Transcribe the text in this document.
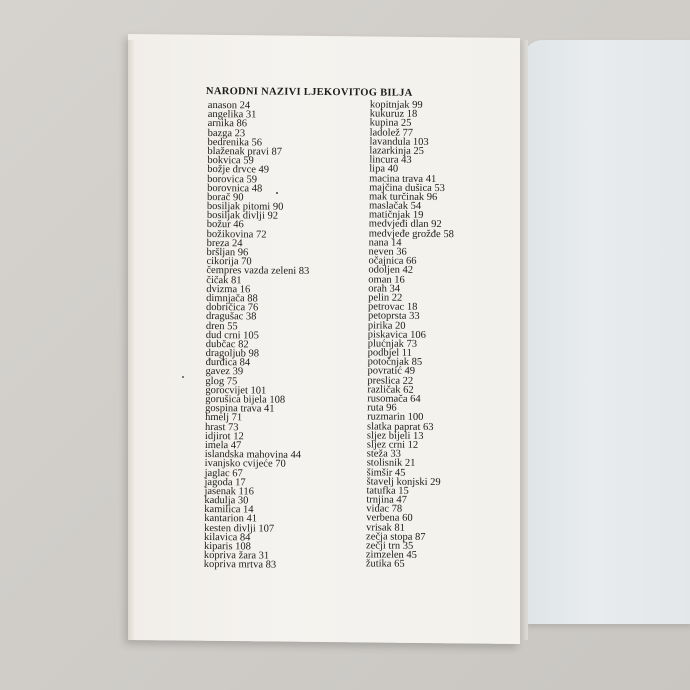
NARODNI NAZIVI LJEKOVITOG BILJA
anason 24
angelika 31
arnika 86
bazga 23
bedrenika 56
blaženak pravi 87
bokvica 59
božje drvce 49
borovica 59
borovnica 48
borač 90
bosiljak pitomi 90
bosiljak divlji 92
božur 46
božikovina 72
breza 24
bršljan 96
cikorija 70
čempres vazda zeleni 83
čičak 81
dvizma 16
dimnjača 88
dobričica 76
dragušac 38
dren 55
dud crni 105
dubčac 82
dragoljub 98
đurđica 84
gavez 39
glog 75
gorocvijet 101
gorušica bijela 108
gospina trava 41
hmelj 71
hrast 73
idjirot 12
imela 47
islandska mahovina 44
ivanjsko cvijeće 70
jaglac 67
jagoda 17
jasenak 116
kadulja 30
kamilica 14
kantarion 41
kesten divlji 107
kilavica 84
kiparis 108
kopriva žara 31
kopriva mrtva 83
kopitnjak 99
kukuruz 18
kupina 25
ladolež 77
lavandula 103
lazarkinja 25
lincura 43
lipa 40
macina trava 41
majčina dušica 53
mak turčinak 96
maslačak 54
matičnjak 19
medvjeđi dlan 92
medvjeđe grožđe 58
nana 14
neven 36
očajnica 66
odoljen 42
oman 16
orah 34
pelin 22
petrovac 18
petoprsta 33
pirika 20
piskavica 106
plućnjak 73
podbjel 11
potočnjak 85
povratić 49
preslica 22
različak 62
rusomača 64
ruta 96
ruzmarin 100
slatka paprat 63
sljez bijeli 13
sljez crni 12
steža 33
stolisnik 21
šimšir 45
štavelj konjski 29
tatufka 15
trnjina 47
vidac 78
verbena 60
vrisak 81
zečja stopa 87
zečji trn 35
zimzelen 45
žutika 65
